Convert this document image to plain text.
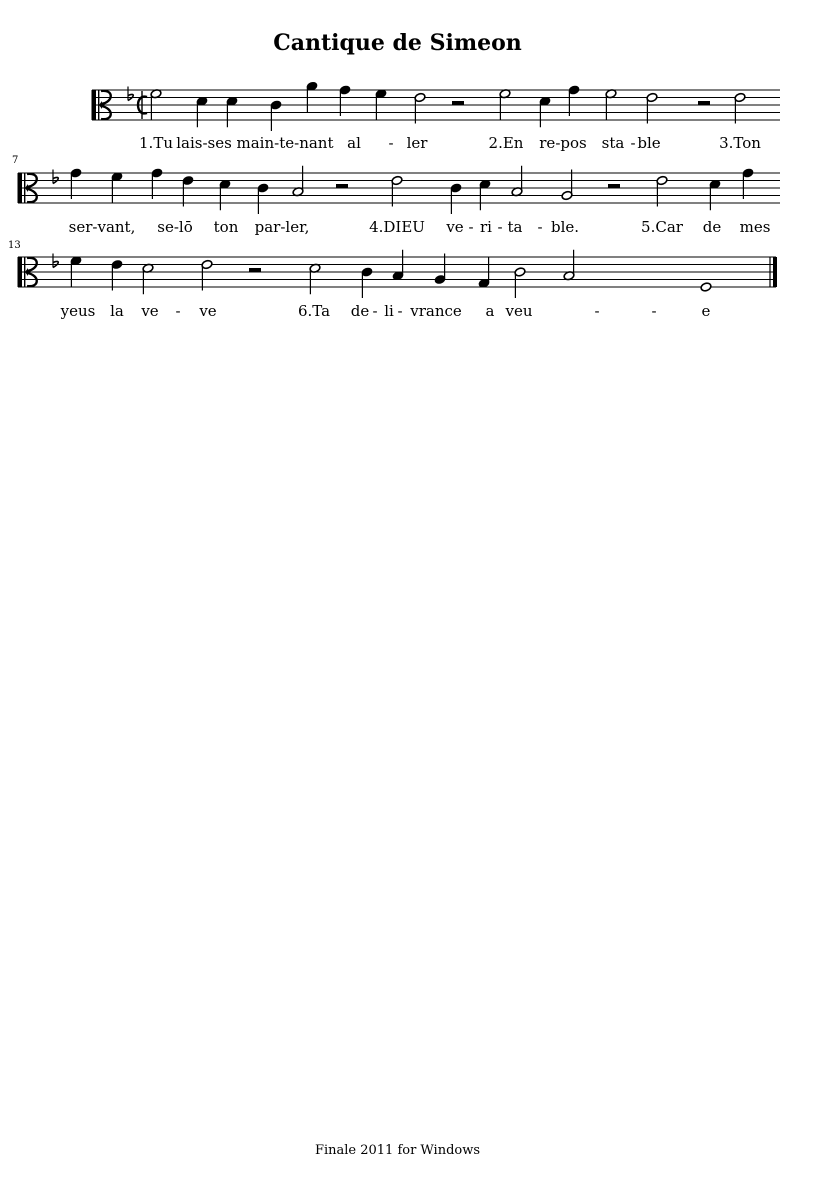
Cantique de Simeon
7
13
1.Tu lais-ses main-te-nant al - ler	2.En re-pos sta - ble	3.Ton
ser-vant, se-lō ton par-ler,	4.DIEU ve - ri - ta - ble.	5.Car de mes
yeus la ve - ve	6.Ta de - li - vrance a veu	-	-	e
Finale 2011 for Windows
